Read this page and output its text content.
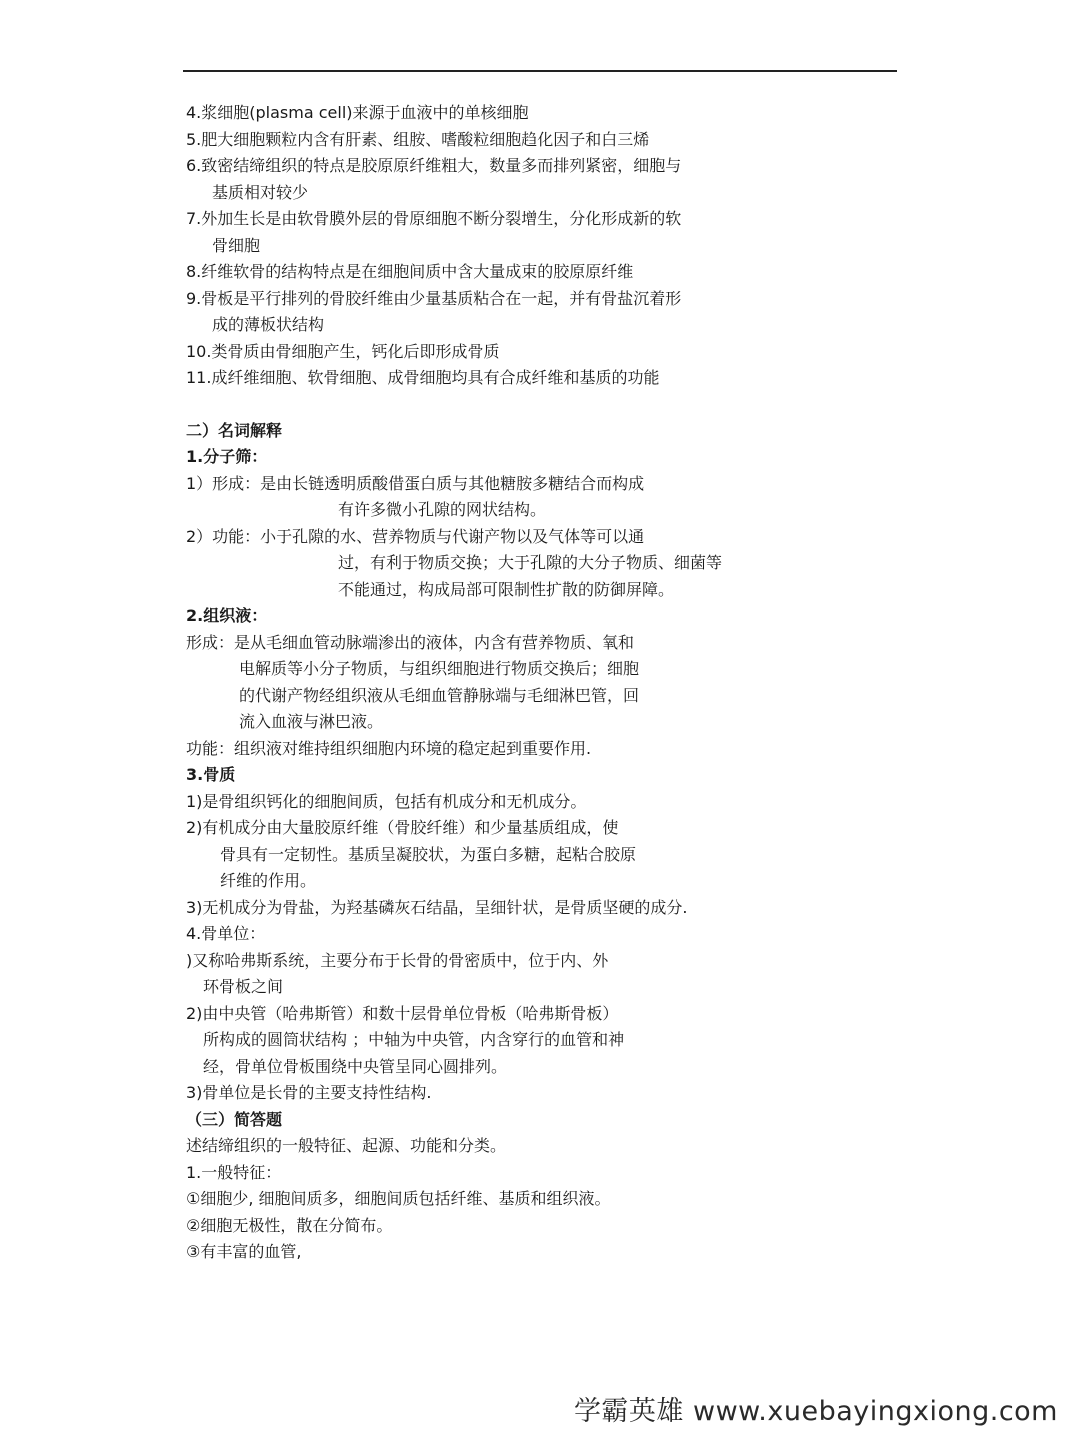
4.浆细胞(plasma cell)来源于血液中的单核细胞
5.肥大细胞颗粒内含有肝素、组胺、嗜酸粒细胞趋化因子和白三烯
6.致密结缔组织的特点是胶原原纤维粗大，数量多而排列紧密，细胞与
基质相对较少
7.外加生长是由软骨膜外层的骨原细胞不断分裂增生，分化形成新的软
骨细胞
8.纤维软骨的结构特点是在细胞间质中含大量成束的胶原原纤维
9.骨板是平行排列的骨胶纤维由少量基质粘合在一起，并有骨盐沉着形
成的薄板状结构
10.类骨质由骨细胞产生，钙化后即形成骨质
11.成纤维细胞、软骨细胞、成骨细胞均具有合成纤维和基质的功能
二）名词解释
1.分子筛：
1）形成：是由长链透明质酸借蛋白质与其他糖胺多糖结合而构成
有许多微小孔隙的网状结构。
2）功能：小于孔隙的水、营养物质与代谢产物以及气体等可以通
过，有利于物质交换；大于孔隙的大分子物质、细菌等
不能通过，构成局部可限制性扩散的防御屏障。
2.组织液：
形成：是从毛细血管动脉端渗出的液体，内含有营养物质、氧和
电解质等小分子物质，与组织细胞进行物质交换后；细胞
的代谢产物经组织液从毛细血管静脉端与毛细淋巴管，回
流入血液与淋巴液。
功能：组织液对维持组织细胞内环境的稳定起到重要作用.
3.骨质
1)是骨组织钙化的细胞间质，包括有机成分和无机成分。
2)有机成分由大量胶原纤维（骨胶纤维）和少量基质组成，使
骨具有一定韧性。基质呈凝胶状，为蛋白多糖，起粘合胶原
纤维的作用。
3)无机成分为骨盐，为羟基磷灰石结晶，呈细针状，是骨质坚硬的成分.
4.骨单位：
)又称哈弗斯系统，主要分布于长骨的骨密质中，位于内、外
环骨板之间
2)由中央管（哈弗斯管）和数十层骨单位骨板（哈弗斯骨板）
所构成的圆筒状结构 ；中轴为中央管，内含穿行的血管和神
经，骨单位骨板围绕中央管呈同心圆排列。
3)骨单位是长骨的主要支持性结构.
（三）简答题
述结缔组织的一般特征、起源、功能和分类。
1.一般特征：
①细胞少, 细胞间质多，细胞间质包括纤维、基质和组织液。
②细胞无极性，散在分简布。
③有丰富的血管,
学霸英雄 www.xuebayingxiong.com
